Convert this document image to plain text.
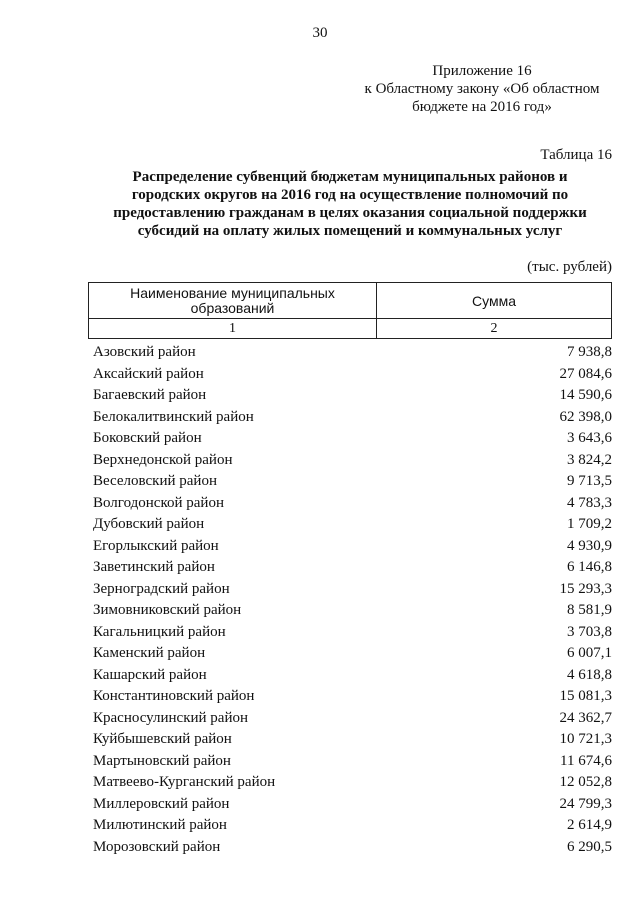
30
Приложение 16
к Областному закону «Об областном
бюджете на 2016 год»
Таблица 16
Распределение субвенций бюджетам муниципальных районов и
городских округов на 2016 год на осуществление полномочий по
предоставлению гражданам в целях оказания социальной поддержки
субсидий на оплату жилых помещений и коммунальных услуг
(тыс. рублей)
Наименование муниципальных
образований	Сумма
1	2
Азовский район	7 938,8
Аксайский район	27 084,6
Багаевский район	14 590,6
Белокалитвинский район	62 398,0
Боковский район	3 643,6
Верхнедонской район	3 824,2
Веселовский район	9 713,5
Волгодонской район	4 783,3
Дубовский район	1 709,2
Егорлыкский район	4 930,9
Заветинский район	6 146,8
Зерноградский район	15 293,3
Зимовниковский район	8 581,9
Кагальницкий район	3 703,8
Каменский район	6 007,1
Кашарский район	4 618,8
Константиновский район	15 081,3
Красносулинский район	24 362,7
Куйбышевский район	10 721,3
Мартыновский район	11 674,6
Матвеево-Курганский район	12 052,8
Миллеровский район	24 799,3
Милютинский район	2 614,9
Морозовский район	6 290,5
